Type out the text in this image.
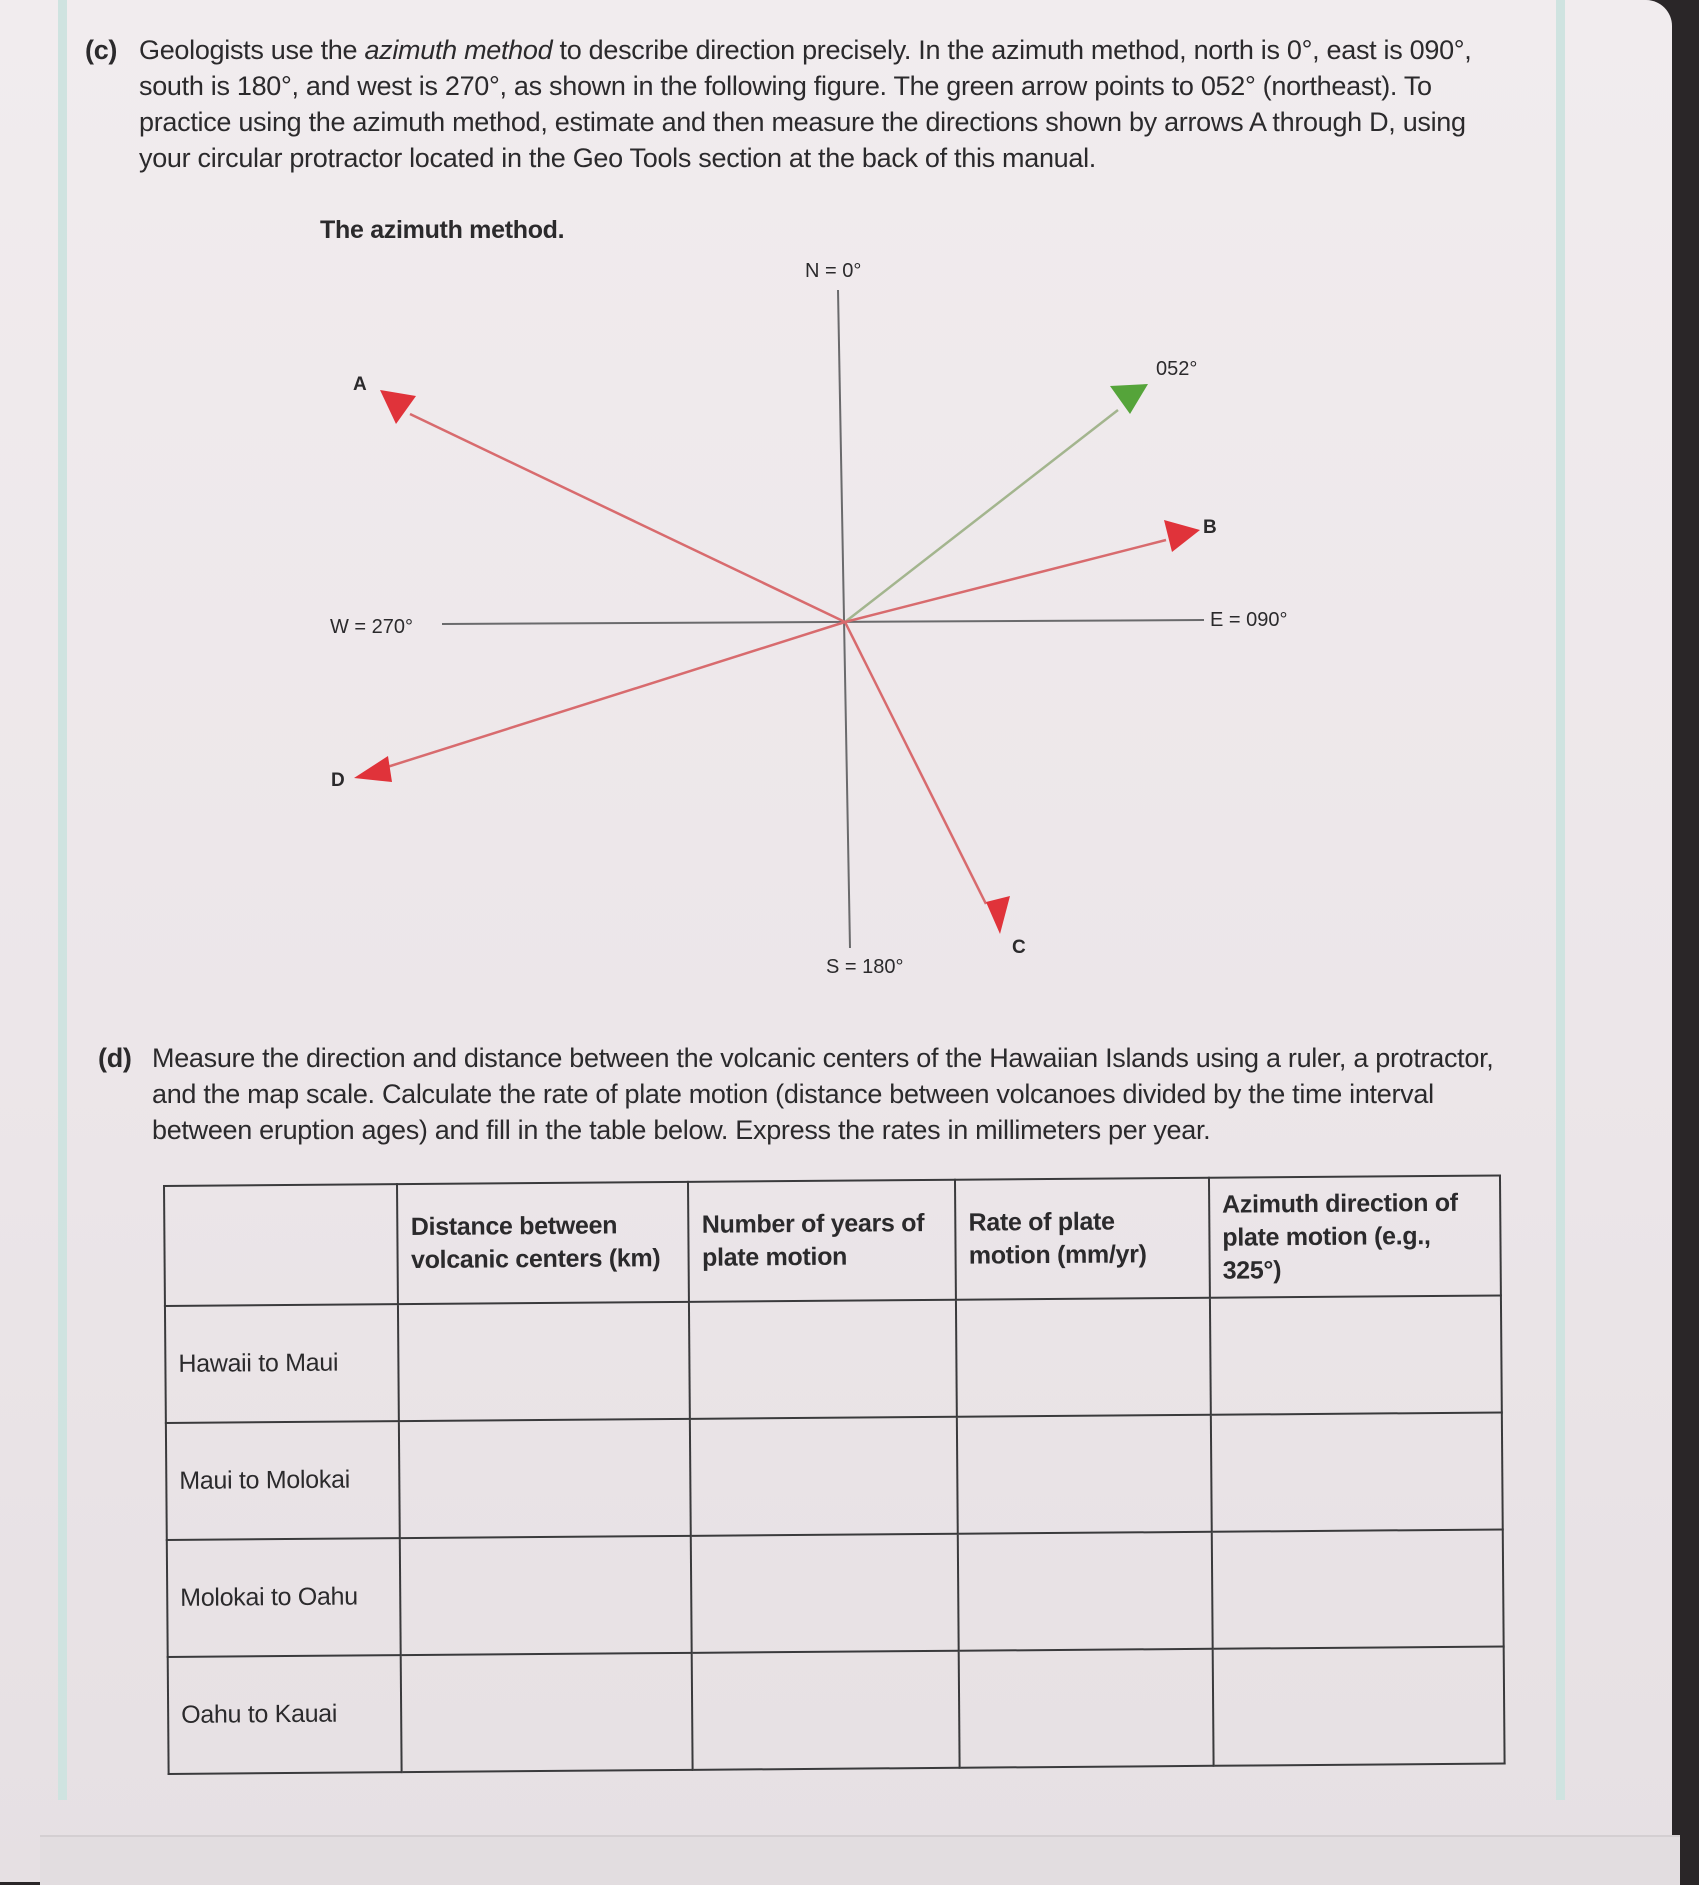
(c) Geologists use the azimuth method to describe direction precisely. In the azimuth method, north is 0°, east is 090°, south is 180°, and west is 270°, as shown in the following figure. The green arrow points to 052° (northeast). To practice using the azimuth method, estimate and then measure the directions shown by arrows A through D, using your circular protractor located in the Geo Tools section at the back of this manual.
The azimuth method.
N = 0°
S = 180°
E = 090°
W = 270°
052°
A
B
C
D
(d) Measure the direction and distance between the volcanic centers of the Hawaiian Islands using a ruler, a protractor, and the map scale. Calculate the rate of plate motion (distance between volcanoes divided by the time interval between eruption ages) and fill in the table below. Express the rates in millimeters per year.
	Distance between volcanic centers (km)	Number of years of plate motion	Rate of plate motion (mm/yr)	Azimuth direction of plate motion (e.g., 325°)
Hawaii to Maui				
Maui to Molokai				
Molokai to Oahu				
Oahu to Kauai				
